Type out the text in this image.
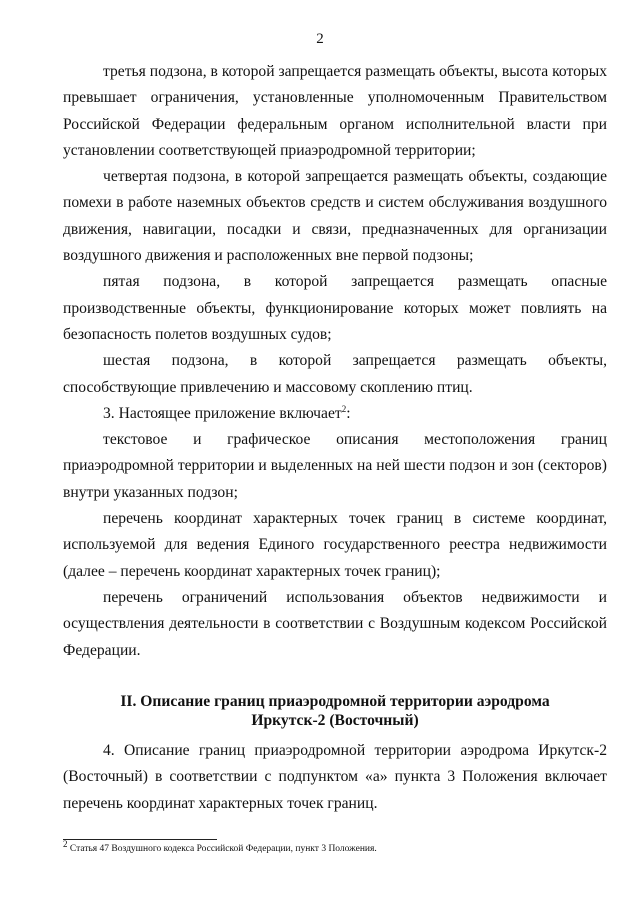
2

третья подзона, в которой запрещается размещать объекты, высота которых превышает ограничения, установленные уполномоченным Правительством Российской Федерации федеральным органом исполнительной власти при установлении соответствующей приаэродромной территории;

четвертая подзона, в которой запрещается размещать объекты, создающие помехи в работе наземных объектов средств и систем обслуживания воздушного движения, навигации, посадки и связи, предназначенных для организации воздушного движения и расположенных вне первой подзоны;

пятая подзона, в которой запрещается размещать опасные производственные объекты, функционирование которых может повлиять на безопасность полетов воздушных судов;

шестая подзона, в которой запрещается размещать объекты, способствующие привлечению и массовому скоплению птиц.

3. Настоящее приложение включает$^2$:

текстовое и графическое описания местоположения границ приаэродромной территории и выделенных на ней шести подзон и зон (секторов) внутри указанных подзон;

перечень координат характерных точек границ в системе координат, используемой для ведения Единого государственного реестра недвижимости (далее – перечень координат характерных точек границ);

перечень ограничений использования объектов недвижимости и осуществления деятельности в соответствии с Воздушным кодексом Российской Федерации.

II. Описание границ приаэродромной территории аэродрома
Иркутск-2 (Восточный)

4. Описание границ приаэродромной территории аэродрома Иркутск-2 (Восточный) в соответствии с подпунктом «а» пункта 3 Положения включает перечень координат характерных точек границ.

$^2$ Статья 47 Воздушного кодекса Российской Федерации, пункт 3 Положения.
